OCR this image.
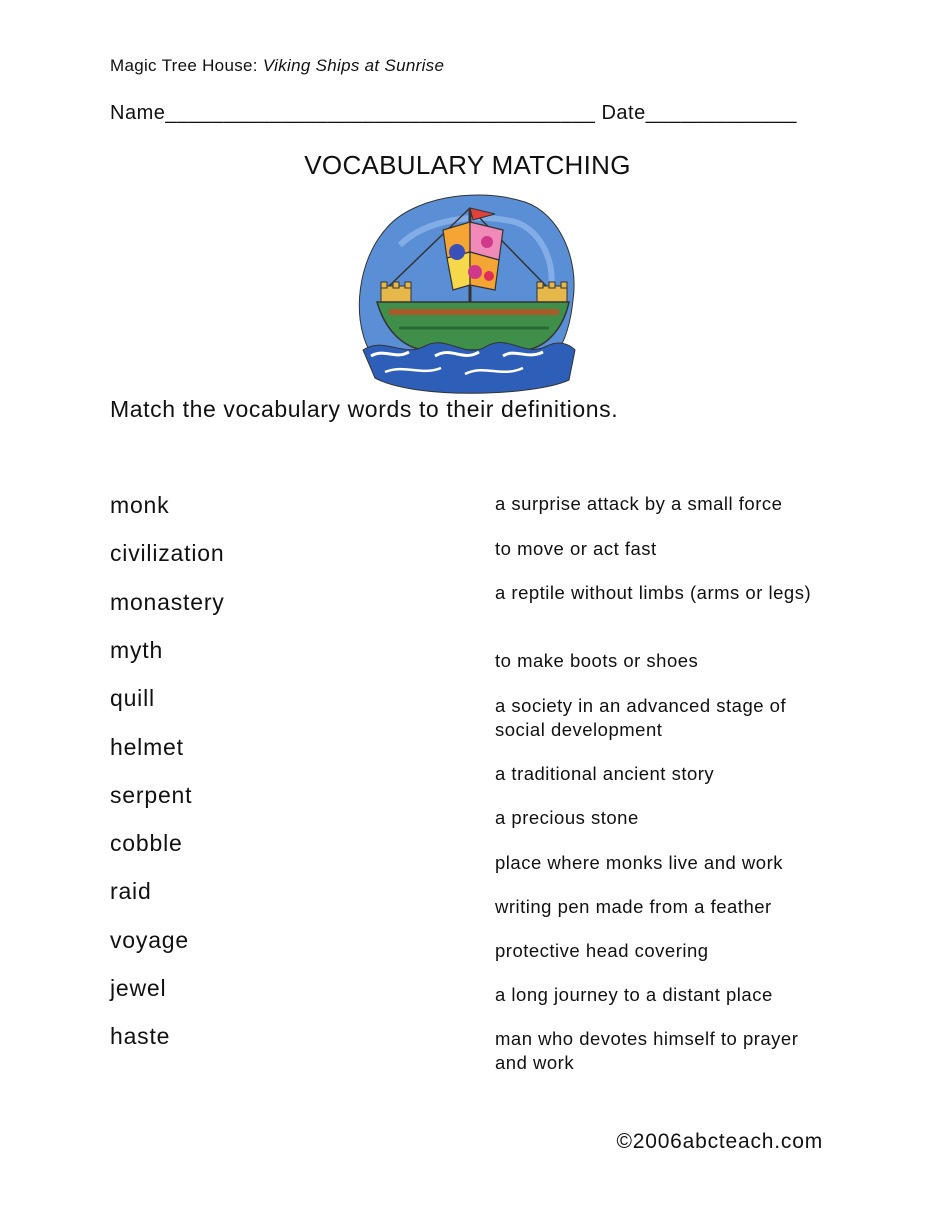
Magic Tree House: Viking Ships at Sunrise
Name_____________________________________ Date_____________
VOCABULARY MATCHING
Match the vocabulary words to their definitions.
monk
civilization
monastery
myth
quill
helmet
serpent
cobble
raid
voyage
jewel
haste
a surprise attack by a small force
to move or act fast
a reptile without limbs (arms or legs)
to make boots or shoes
a society in an advanced stage of social development
a traditional ancient story
a precious stone
place where monks live and work
writing pen made from a feather
protective head covering
a long journey to a distant place
man who devotes himself to prayer and work
©2006abcteach.com
